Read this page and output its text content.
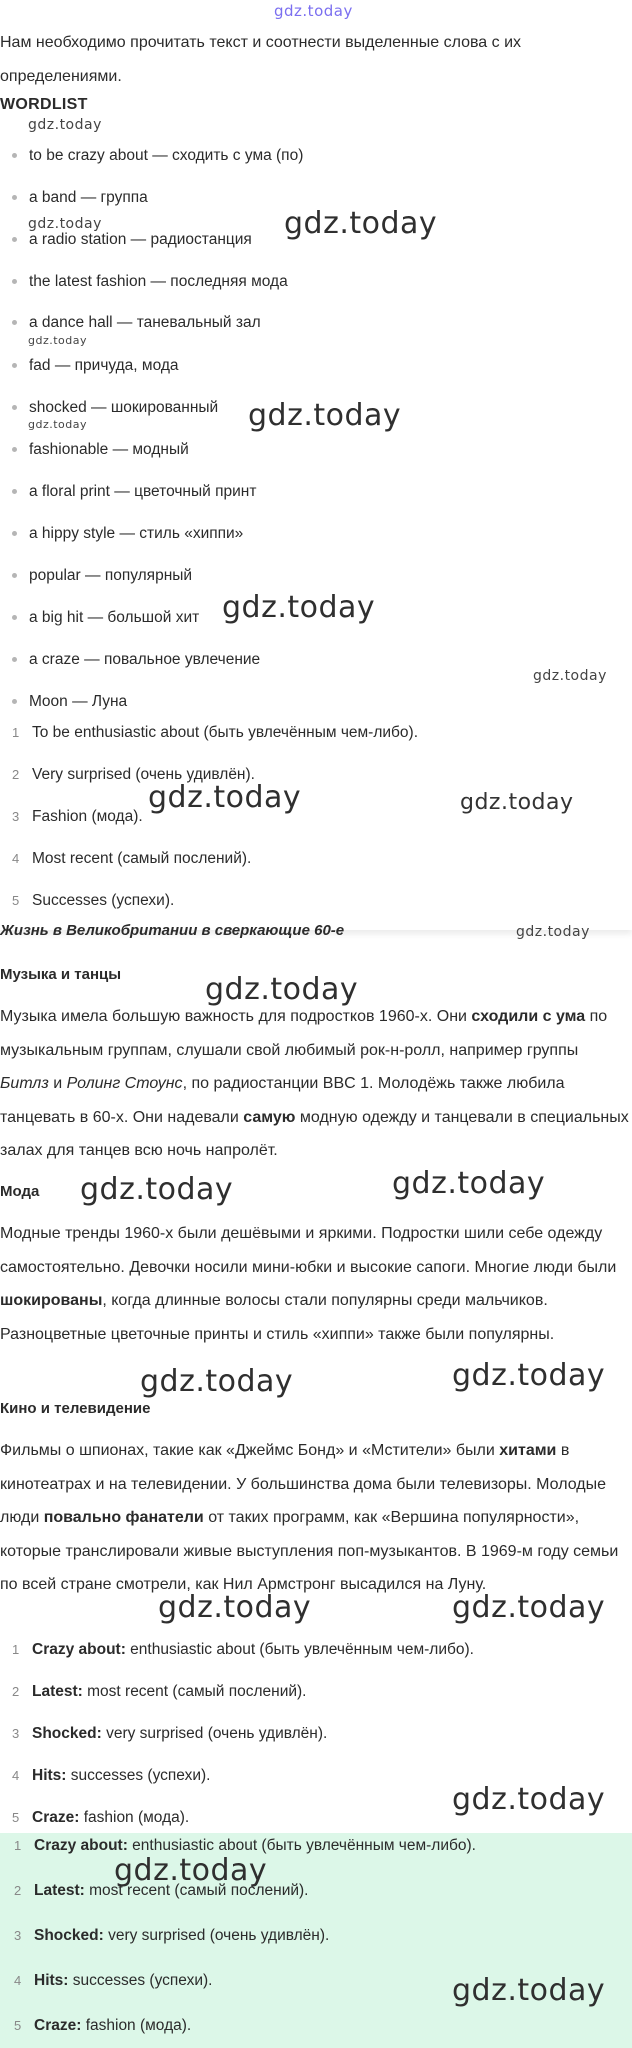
gdz.today
Нам необходимо прочитать текст и соотнести выделенные слова с их определениями.
WORDLIST
gdz.today
to be crazy about — сходить с ума (по)
a band — группа
gdz.today
a radio station — радиостанция gdz.today
the latest fashion — последняя мода
a dance hall — таневальный зал
gdz.today
fad — причуда, мода
shocked — шокированный
gdz.today	gdz.today
fashionable — модный
a floral print — цветочный принт
a hippy style — стиль «хиппи»
popular — популярный
a big hit — большой хит gdz.today
a craze — повальное увлечение
gdz.today
Moon — Луна
1 To be enthusiastic about (быть увлечённым чем-либо).
2 Very surprised (очень удивлён).
gdz.today	gdz.today
3 Fashion (мода).
4 Most recent (самый послений).
5 Successes (успехи).
Жизнь в Великобритании в сверкающие 60-е	gdz.today
Музыка и танцы	gdz.today
Музыка имела большую важность для подростков 1960-х. Они сходили с ума по музыкальным группам, слушали свой любимый рок-н-ролл, например группы Битлз и Ролинг Стоунс, по радиостанции BBC 1. Молодёжь также любила танцевать в 60-х. Они надевали самую модную одежду и танцевали в специальных залах для танцев всю ночь напролёт.
Мода gdz.today	gdz.today
Модные тренды 1960-х были дешёвыми и яркими. Подростки шили себе одежду самостоятельно. Девочки носили мини-юбки и высокие сапоги. Многие люди были шокированы, когда длинные волосы стали популярны среди мальчиков. Разноцветные цветочные принты и стиль «хиппи» также были популярны.
gdz.today	gdz.today
Кино и телевидение
Фильмы о шпионах, такие как «Джеймс Бонд» и «Мстители» были хитами в кинотеатрах и на телевидении. У большинства дома были телевизоры. Молодые люди повально фанатели от таких программ, как «Вершина популярности», которые транслировали живые выступления поп-музыкантов. В 1969-м году семьи по всей стране смотрели, как Нил Армстронг высадился на Луну.
gdz.today	gdz.today
1 Crazy about: enthusiastic about (быть увлечённым чем-либо).
2 Latest: most recent (самый послений).
3 Shocked: very surprised (очень удивлён).
4 Hits: successes (успехи).
5 Craze: fashion (мода).
gdz.today
1 Crazy about: enthusiastic about (быть увлечённым чем-либо).
gdz.today
2 Latest: most recent (самый послений).
3 Shocked: very surprised (очень удивлён).
4 Hits: successes (успехи).	gdz.today
5 Craze: fashion (мода).
